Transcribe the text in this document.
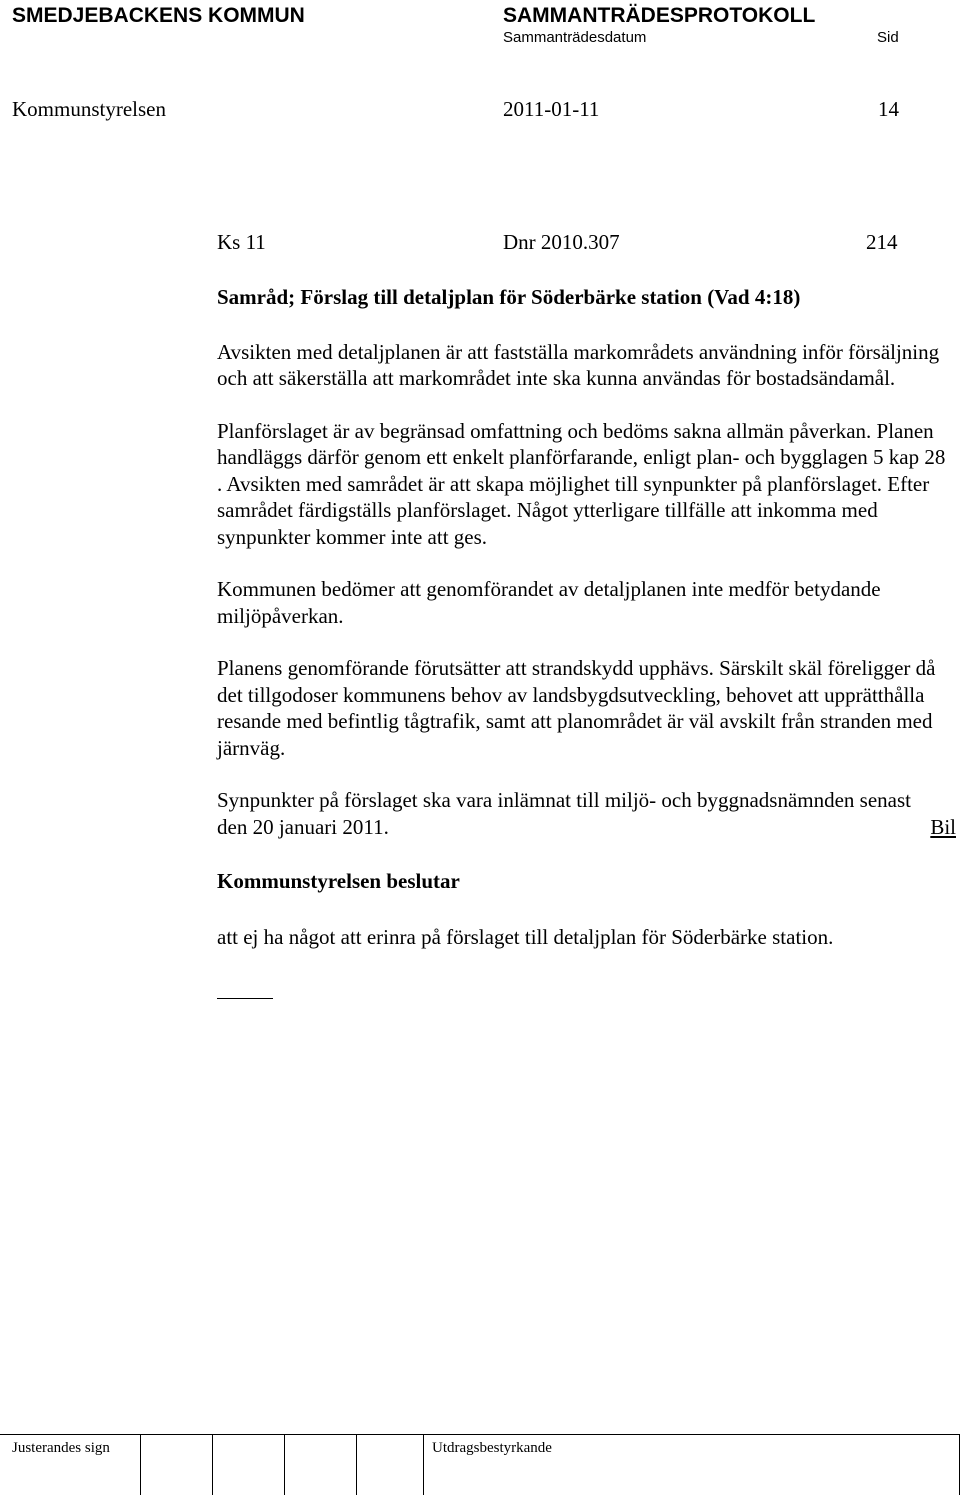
SMEDJEBACKENS KOMMUN	SAMMANTRÄDESPROTOKOLL
Sammanträdesdatum	Sid
Kommunstyrelsen	2011-01-11	14
Ks 11	Dnr 2010.307	214

Samråd; Förslag till detaljplan för Söderbärke station (Vad 4:18)

Avsikten med detaljplanen är att fastställa markområdets användning inför försäljning och att säkerställa att markområdet inte ska kunna användas för bostadsändamål.

Planförslaget är av begränsad omfattning och bedöms sakna allmän påverkan. Planen handläggs därför genom ett enkelt planförfarande, enligt plan- och bygglagen 5 kap 28 . Avsikten med samrådet är att skapa möjlighet till synpunkter på planförslaget. Efter samrådet färdigställs planförslaget. Något ytterligare tillfälle att inkomma med synpunkter kommer inte att ges.

Kommunen bedömer att genomförandet av detaljplanen inte medför betydande miljöpåverkan.

Planens genomförande förutsätter att strandskydd upphävs. Särskilt skäl föreligger då det tillgodoser kommunens behov av landsbygdsutveckling, behovet att upprätthålla resande med befintlig tågtrafik, samt att planområdet är väl avskilt från stranden med järnväg.

Synpunkter på förslaget ska vara inlämnat till miljö- och byggnadsnämnden senast den 20 januari 2011.	Bil

Kommunstyrelsen beslutar

att ej ha något att erinra på förslaget till detaljplan för Söderbärke station.

Justerandes sign	Utdragsbestyrkande
